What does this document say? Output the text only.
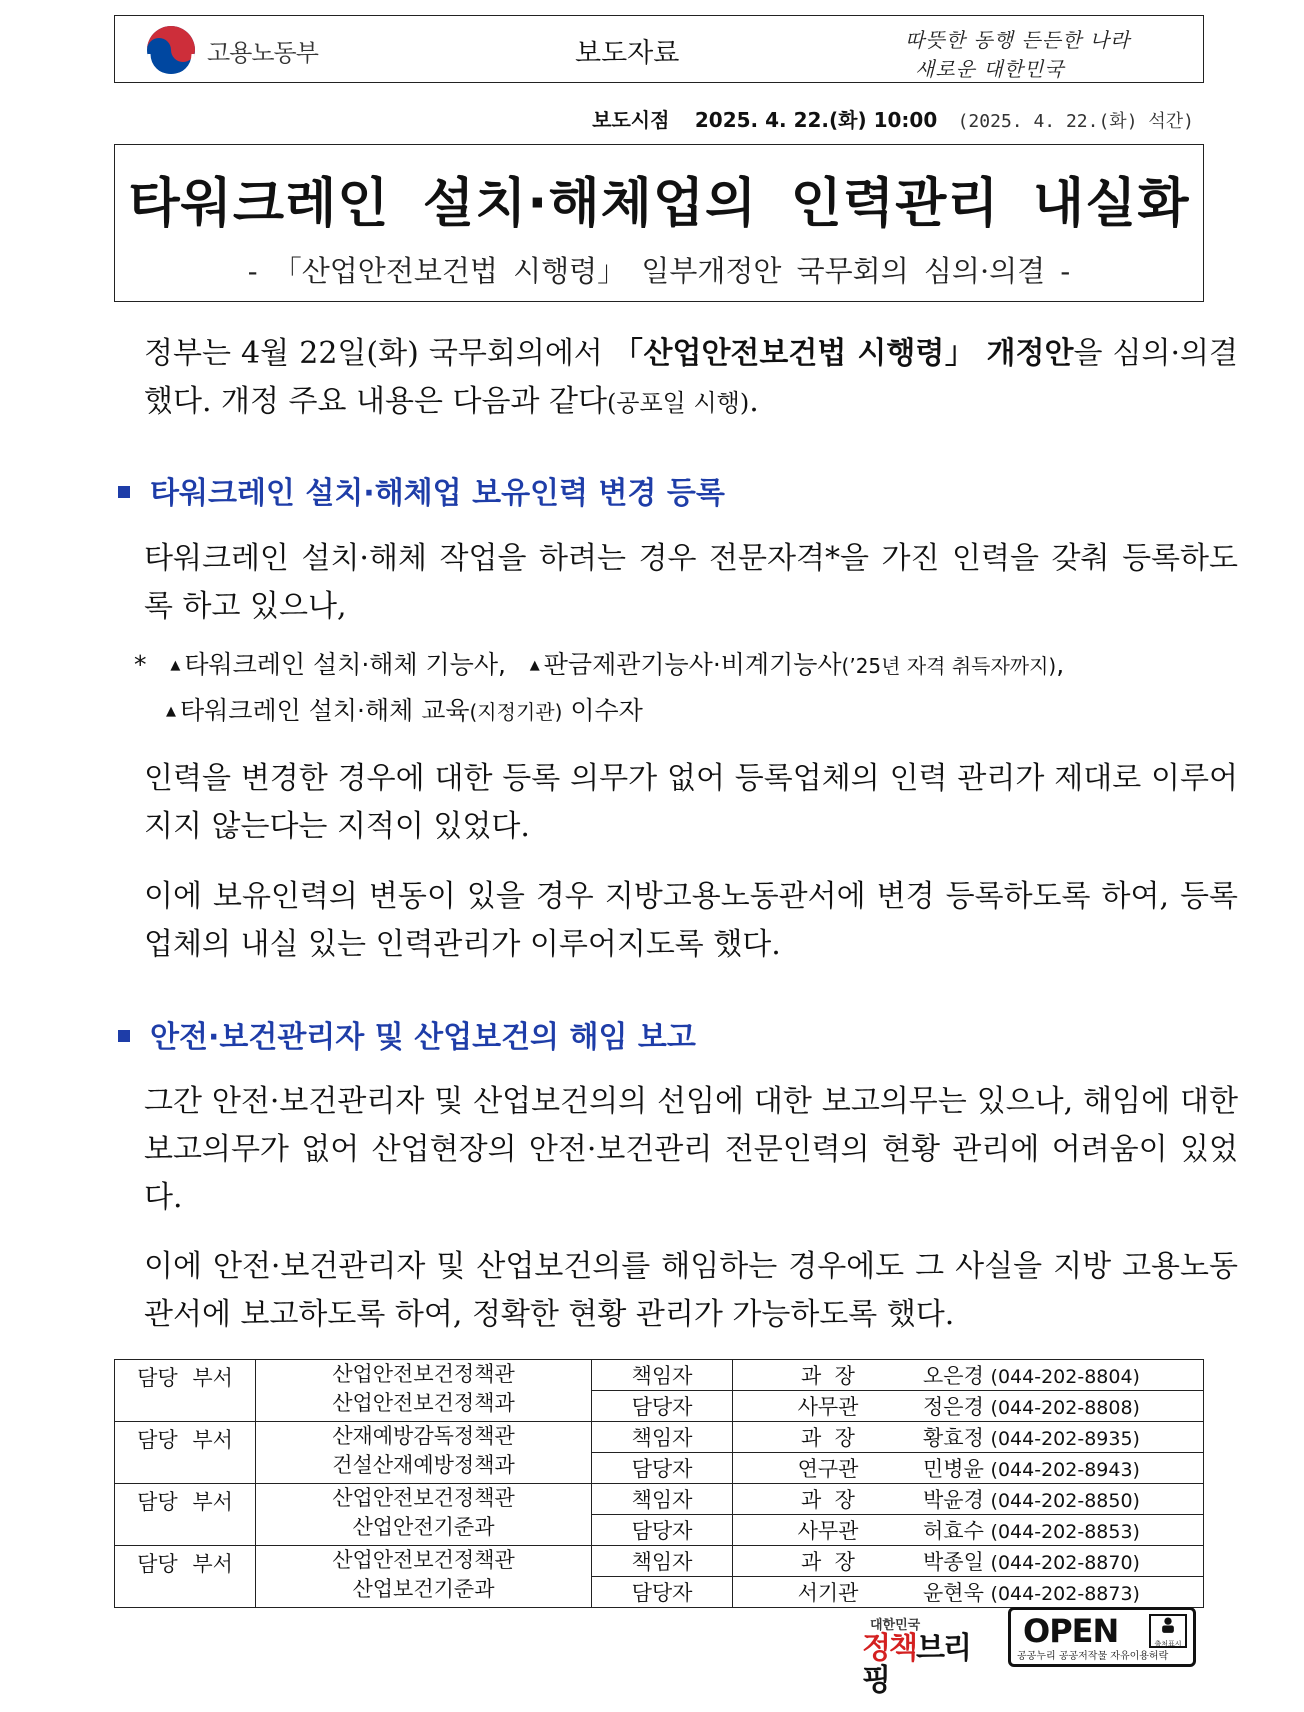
고용노동부	보도자료	따뜻한 동행 든든한 나라
새로운 대한민국
보도시점 2025. 4. 22.(화) 10:00 (2025. 4. 22.(화) 석간)
타워크레인 설치·해체업의 인력관리 내실화
- 「산업안전보건법 시행령」 일부개정안 국무회의 심의·의결 -
정부는 4월 22일(화) 국무회의에서 「산업안전보건법 시행령」 개정안을 심의·의결했다. 개정 주요 내용은 다음과 같다(공포일 시행).
타워크레인 설치·해체업 보유인력 변경 등록
타워크레인 설치·해체 작업을 하려는 경우 전문자격*을 가진 인력을 갖춰 등록하도록 하고 있으나,
* ▲ 타워크레인 설치·해체 기능사, ▲ 판금제관기능사·비계기능사(’25년 자격 취득자까지),
▲ 타워크레인 설치·해체 교육(지정기관) 이수자
인력을 변경한 경우에 대한 등록 의무가 없어 등록업체의 인력 관리가 제대로 이루어지지 않는다는 지적이 있었다.
이에 보유인력의 변동이 있을 경우 지방고용노동관서에 변경 등록하도록 하여, 등록업체의 내실 있는 인력관리가 이루어지도록 했다.
안전·보건관리자 및 산업보건의 해임 보고
그간 안전·보건관리자 및 산업보건의의 선임에 대한 보고의무는 있으나, 해임에 대한 보고의무가 없어 산업현장의 안전·보건관리 전문인력의 현황 관리에 어려움이 있었다.
이에 안전·보건관리자 및 산업보건의를 해임하는 경우에도 그 사실을 지방 고용노동관서에 보고하도록 하여, 정확한 현황 관리가 가능하도록 했다.
담당 부서	산업안전보건정책관
산업안전보건정책과	책임자	과  장 오은경 (044-202-8804)
		담당자	사무관 정은경 (044-202-8808)
담당 부서	산재예방감독정책관
건설산재예방정책과	책임자	과  장 황효정 (044-202-8935)
		담당자	연구관 민병윤 (044-202-8943)
담당 부서	산업안전보건정책관
산업안전기준과	책임자	과  장 박윤경 (044-202-8850)
		담당자	사무관 허효수 (044-202-8853)
담당 부서	산업안전보건정책관
산업보건기준과	책임자	과  장 박종일 (044-202-8870)
		담당자	서기관 윤현욱 (044-202-8873)
대한민국
정책브리핑
OPEN	출처표시
공공누리 공공저작물 자유이용허락
